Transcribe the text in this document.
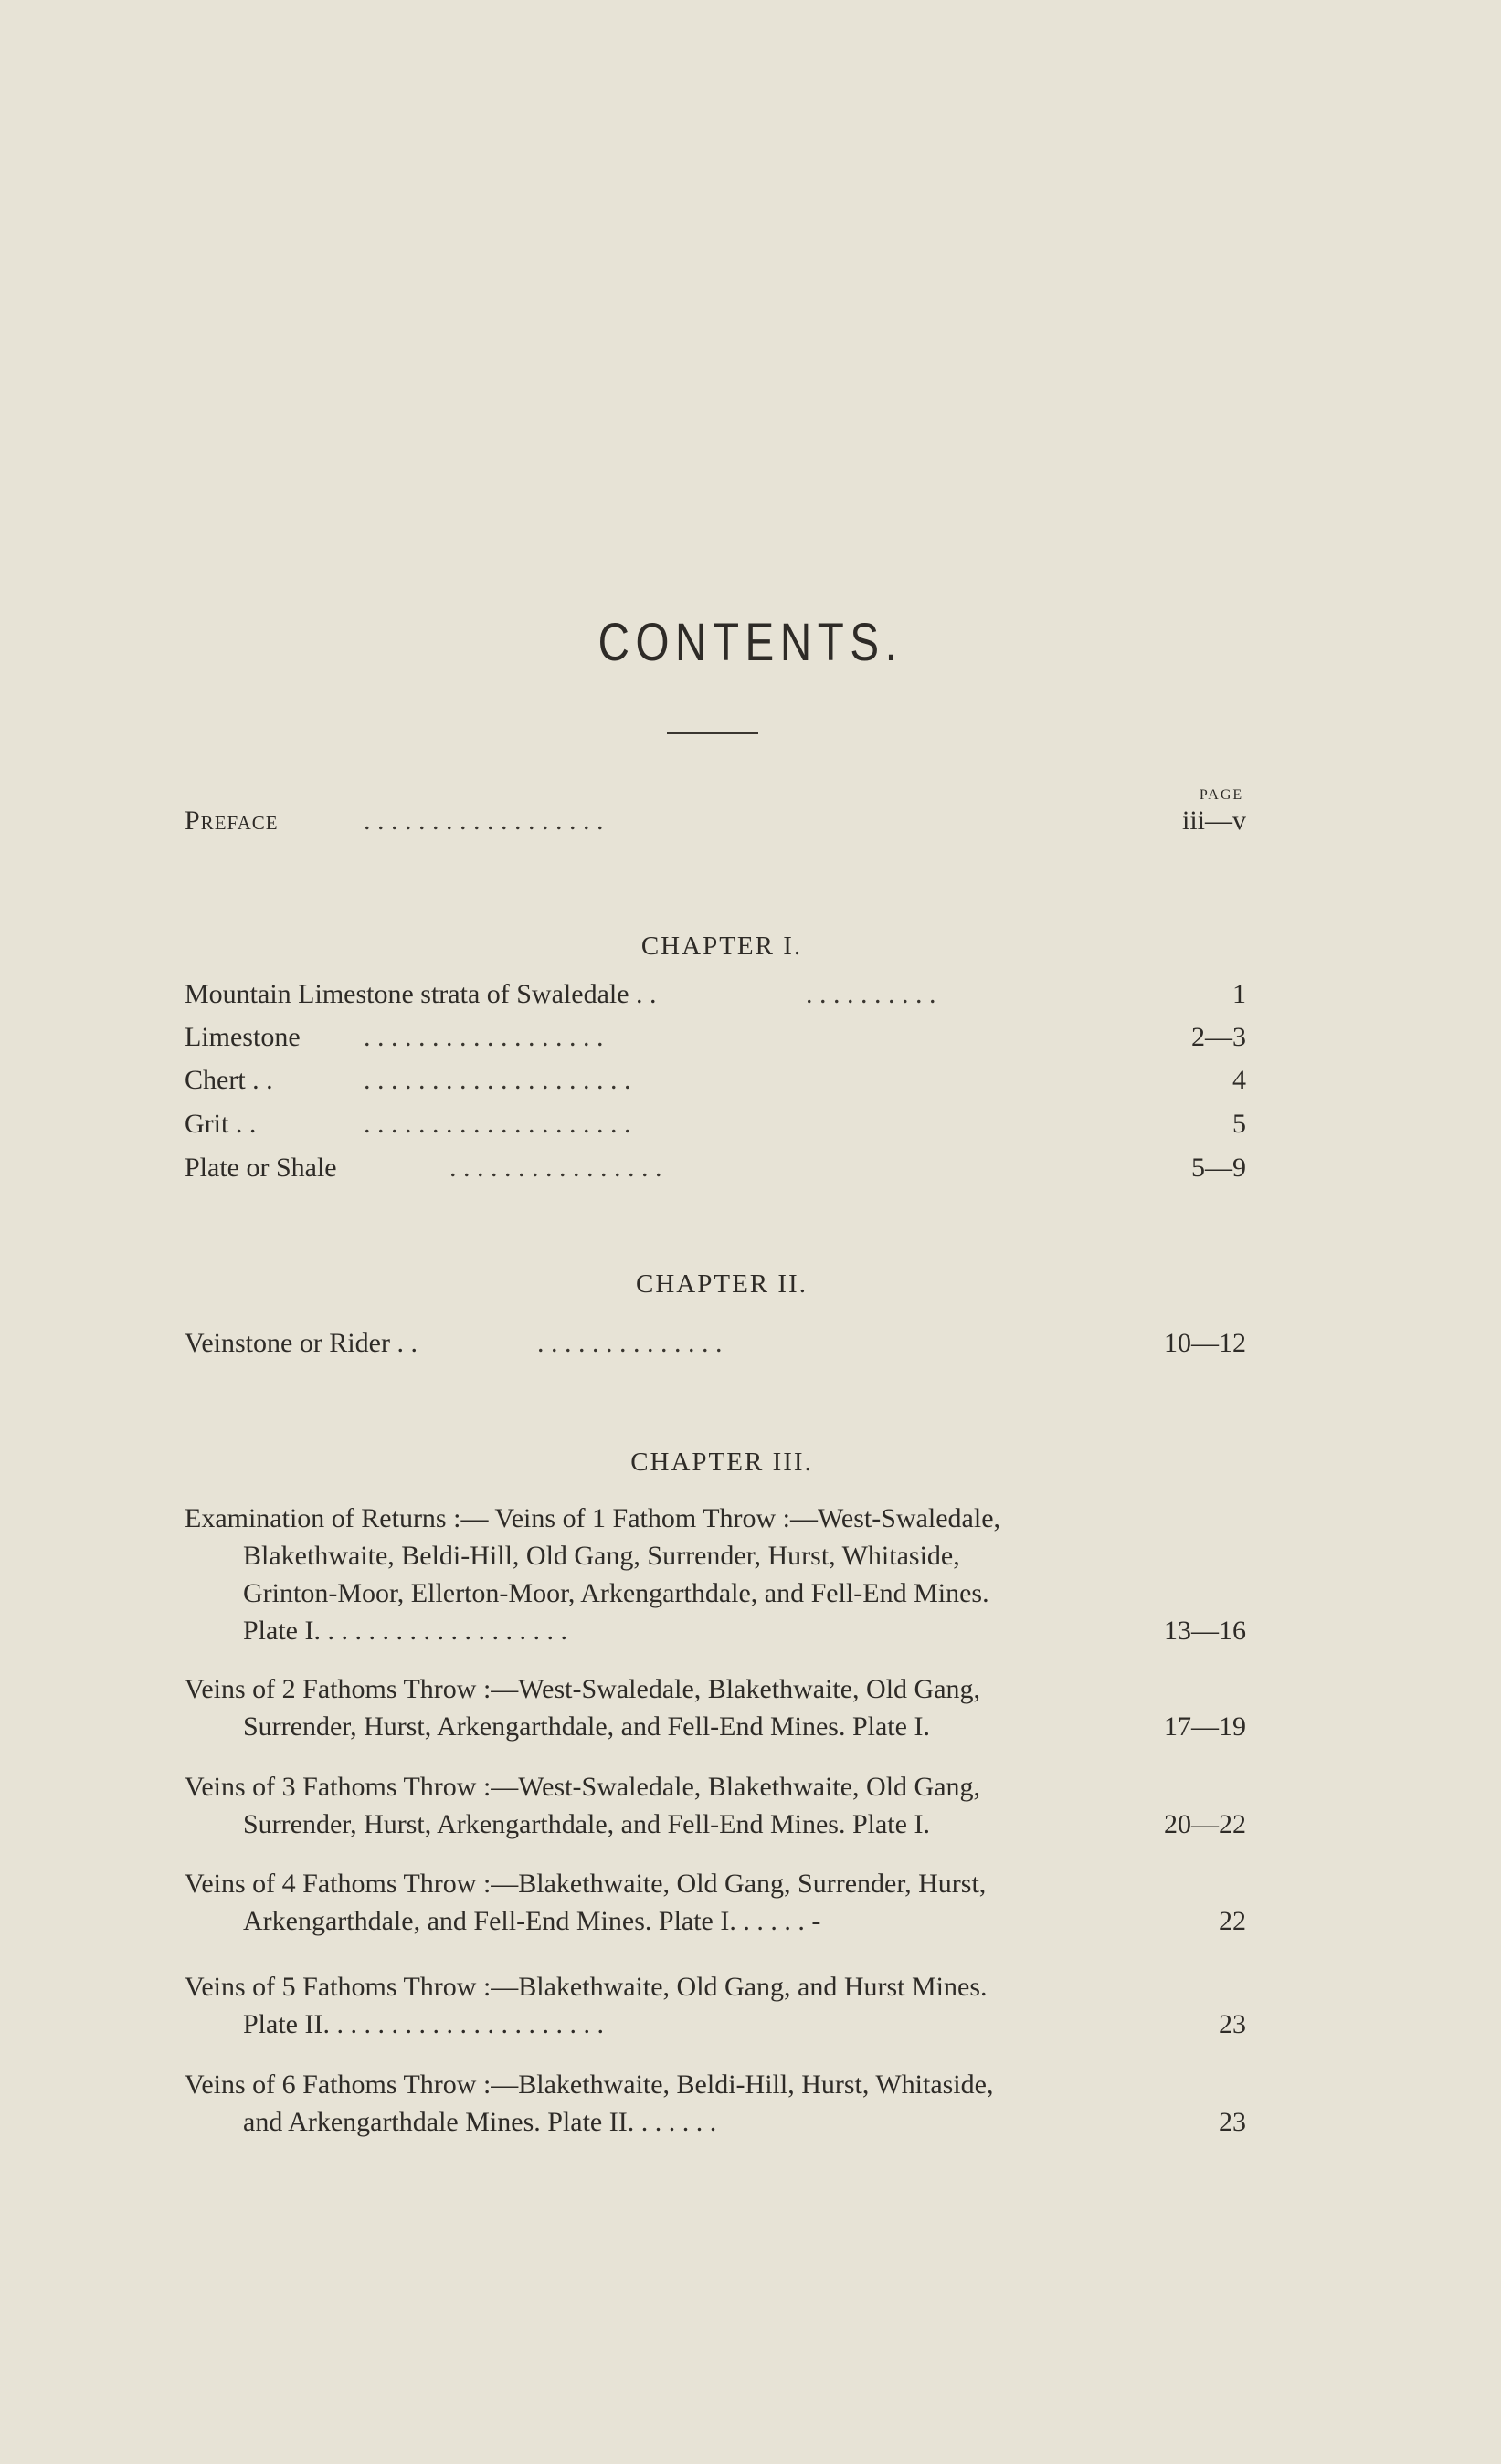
CONTENTS.
PAGE
Preface	. . . . . . . . . . . . . . . . . .	iii—v
CHAPTER I.
Mountain Limestone strata of Swaledale . .	. . . . . . . . . .	1
Limestone . . . . . . . . . . . . . . . . . .	2—3
Chert . .	. . . . . . . . . . . . . . . . . . . .	4
Grit . .	. . . . . . . . . . . . . . . . . . . .	5
Plate or Shale	. . . . . . . . . . . . . . . .	5—9
CHAPTER II.
Veinstone or Rider . .	. . . . . . . . . . . . . .	10—12
CHAPTER III.
Examination of Returns :— Veins of 1 Fathom Throw :—West-Swaledale,
Blakethwaite, Beldi-Hill, Old Gang, Surrender, Hurst, Whitaside,
Grinton-Moor, Ellerton-Moor, Arkengarthdale, and Fell-End Mines.
Plate I. . . . . . . . . . . . . . . . . . .	13—16
Veins of 2 Fathoms Throw :—West-Swaledale, Blakethwaite, Old Gang,
Surrender, Hurst, Arkengarthdale, and Fell-End Mines. Plate I.	17—19
Veins of 3 Fathoms Throw :—West-Swaledale, Blakethwaite, Old Gang,
Surrender, Hurst, Arkengarthdale, and Fell-End Mines. Plate I.	20—22
Veins of 4 Fathoms Throw :—Blakethwaite, Old Gang, Surrender, Hurst,
Arkengarthdale, and Fell-End Mines. Plate I. . . . . . -	22
Veins of 5 Fathoms Throw :—Blakethwaite, Old Gang, and Hurst Mines.
Plate II. . . . . . . . . . . . . . . . . . . . .	23
Veins of 6 Fathoms Throw :—Blakethwaite, Beldi-Hill, Hurst, Whitaside,
and Arkengarthdale Mines. Plate II. . . . . . .	23
